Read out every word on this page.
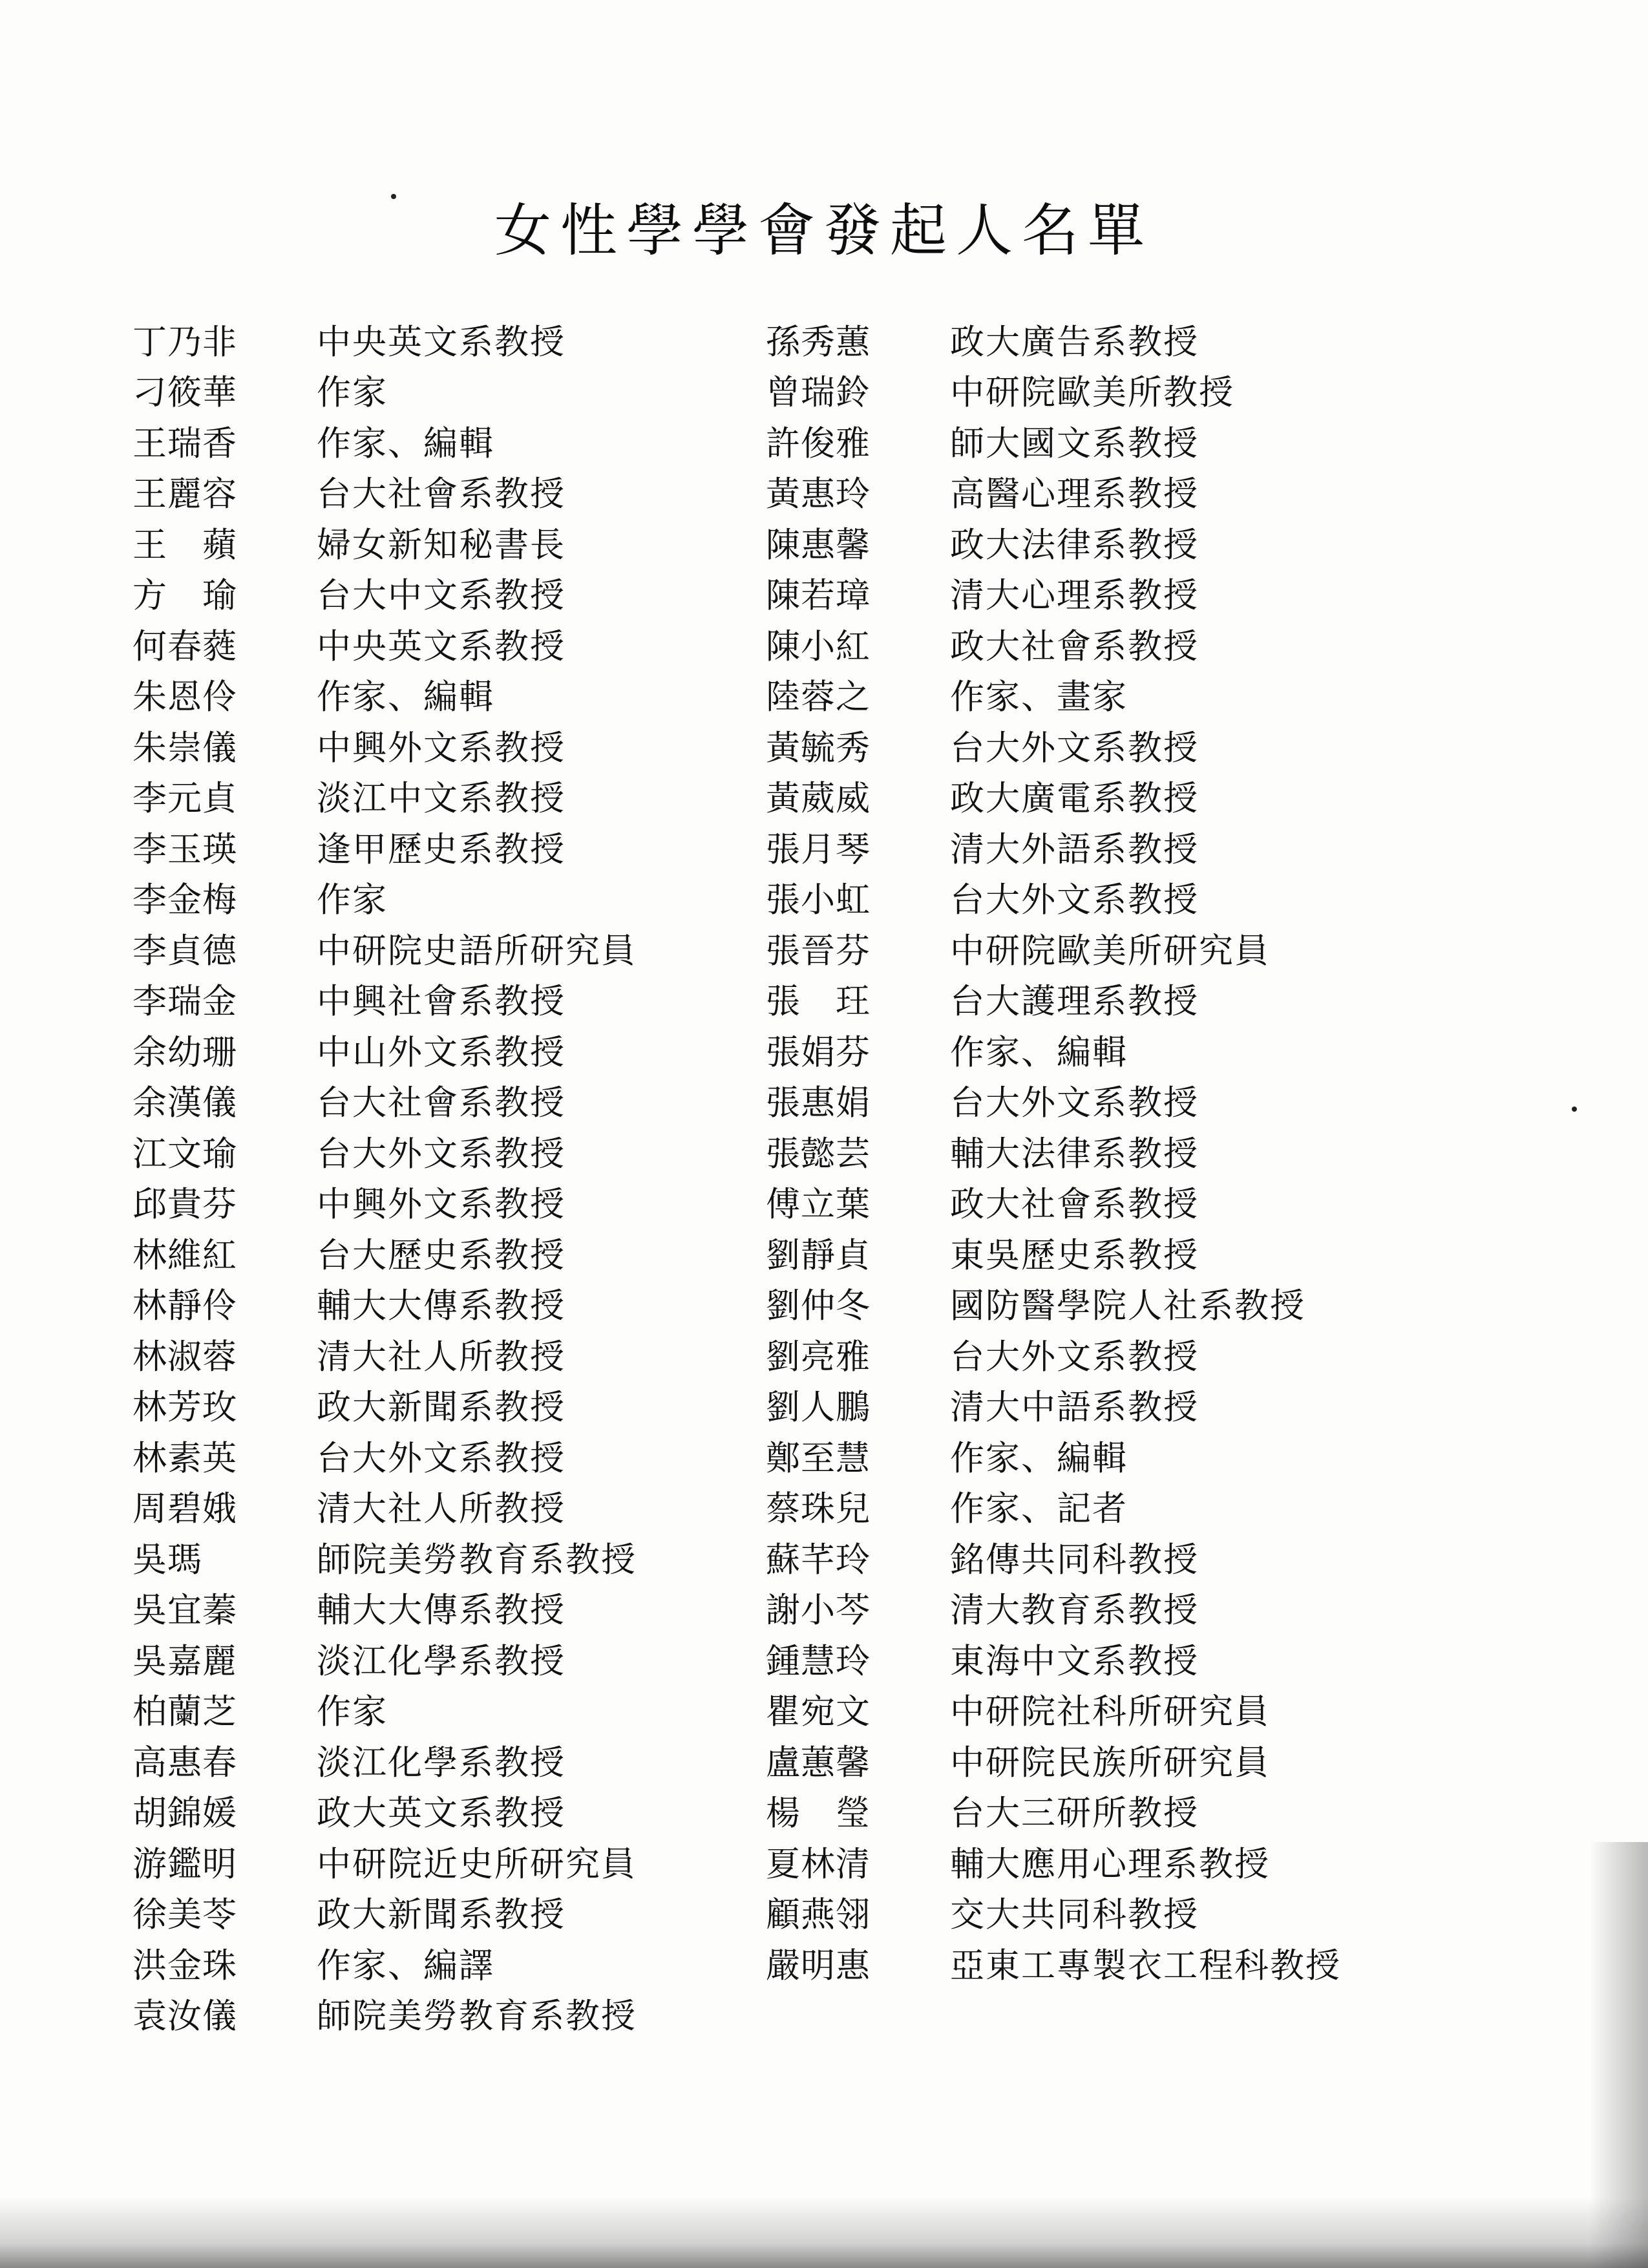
女性學學會發起人名單
丁乃非	中央英文系教授
刁筱華	作家
王瑞香	作家、編輯
王麗容	台大社會系教授
王　蘋	婦女新知秘書長
方　瑜	台大中文系教授
何春蕤	中央英文系教授
朱恩伶	作家、編輯
朱崇儀	中興外文系教授
李元貞	淡江中文系教授
李玉瑛	逢甲歷史系教授
李金梅	作家
李貞德	中研院史語所研究員
李瑞金	中興社會系教授
余幼珊	中山外文系教授
余漢儀	台大社會系教授
江文瑜	台大外文系教授
邱貴芬	中興外文系教授
林維紅	台大歷史系教授
林靜伶	輔大大傳系教授
林淑蓉	清大社人所教授
林芳玫	政大新聞系教授
林素英	台大外文系教授
周碧娥	清大社人所教授
吳瑪	師院美勞教育系教授
吳宜蓁	輔大大傳系教授
吳嘉麗	淡江化學系教授
柏蘭芝	作家
高惠春	淡江化學系教授
胡錦媛	政大英文系教授
游鑑明	中研院近史所研究員
徐美苓	政大新聞系教授
洪金珠	作家、編譯
袁汝儀	師院美勞教育系教授
孫秀蕙	政大廣告系教授
曾瑞鈴	中研院歐美所教授
許俊雅	師大國文系教授
黃惠玲	高醫心理系教授
陳惠馨	政大法律系教授
陳若璋	清大心理系教授
陳小紅	政大社會系教授
陸蓉之	作家、畫家
黃毓秀	台大外文系教授
黃葳威	政大廣電系教授
張月琴	清大外語系教授
張小虹	台大外文系教授
張晉芬	中研院歐美所研究員
張　玨	台大護理系教授
張娟芬	作家、編輯
張惠娟	台大外文系教授
張懿芸	輔大法律系教授
傅立葉	政大社會系教授
劉靜貞	東吳歷史系教授
劉仲冬	國防醫學院人社系教授
劉亮雅	台大外文系教授
劉人鵬	清大中語系教授
鄭至慧	作家、編輯
蔡珠兒	作家、記者
蘇芊玲	銘傳共同科教授
謝小芩	清大教育系教授
鍾慧玲	東海中文系教授
瞿宛文	中研院社科所研究員
盧蕙馨	中研院民族所研究員
楊　瑩	台大三研所教授
夏林清	輔大應用心理系教授
顧燕翎	交大共同科教授
嚴明惠	亞東工專製衣工程科教授
